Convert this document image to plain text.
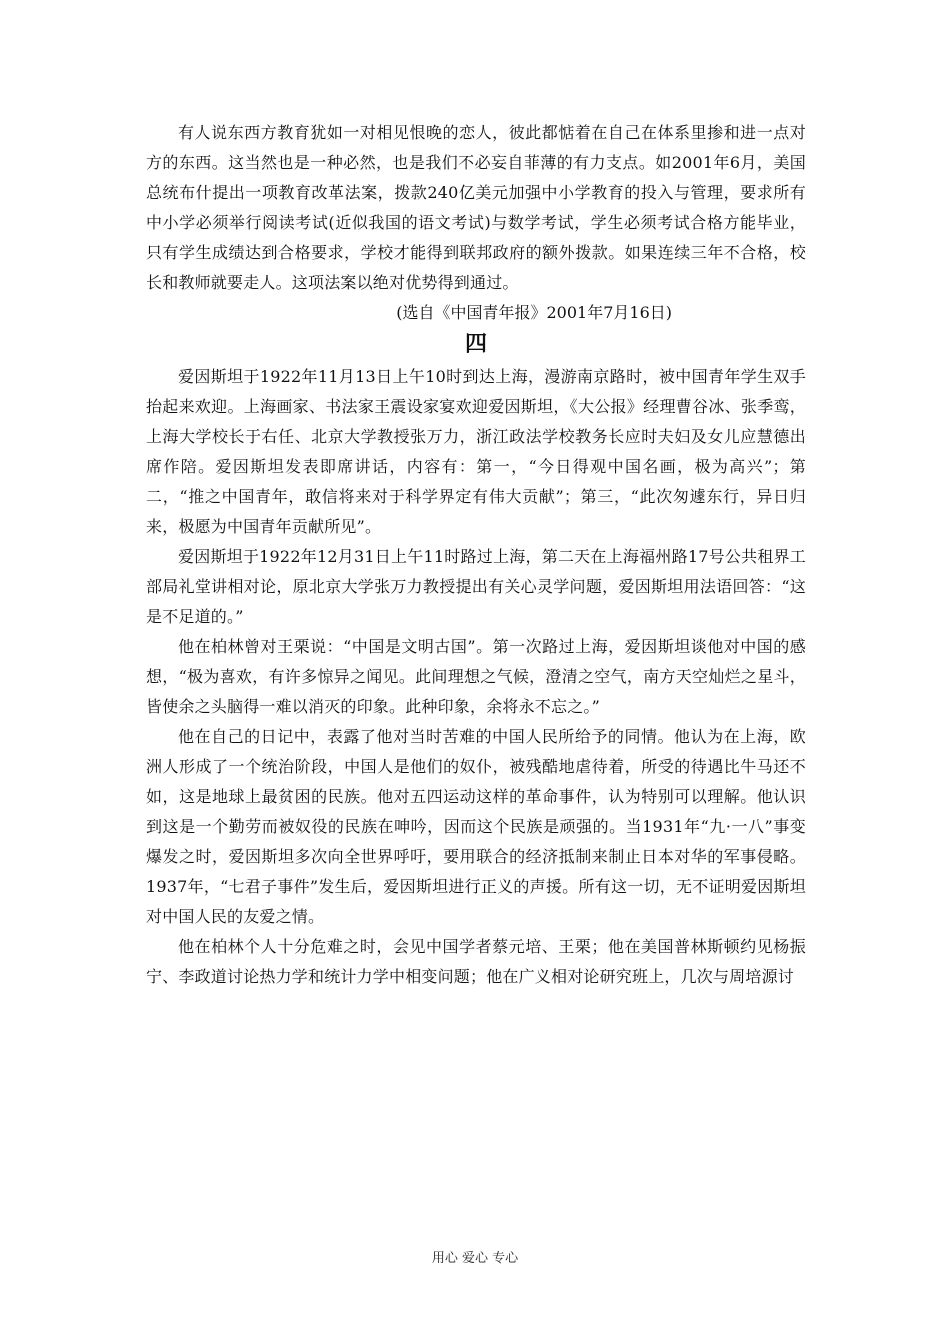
有人说东西方教育犹如一对相见恨晚的恋人，彼此都惦着在自己在体系里掺和进一点对方的东西。这当然也是一种必然，也是我们不必妄自菲薄的有力支点。如2001年6月，美国总统布什提出一项教育改革法案，拨款240亿美元加强中小学教育的投入与管理，要求所有中小学必须举行阅读考试(近似我国的语文考试)与数学考试，学生必须考试合格方能毕业，只有学生成绩达到合格要求，学校才能得到联邦政府的额外拨款。如果连续三年不合格，校长和教师就要走人。这项法案以绝对优势得到通过。

(选自《中国青年报》2001年7月16日)

四

爱因斯坦于1922年11月13日上午10时到达上海，漫游南京路时，被中国青年学生双手抬起来欢迎。上海画家、书法家王震设家宴欢迎爱因斯坦，《大公报》经理曹谷冰、张季鸾，上海大学校长于右任、北京大学教授张万力，浙江政法学校教务长应时夫妇及女儿应慧德出席作陪。爱因斯坦发表即席讲话，内容有：第一，“今日得观中国名画，极为高兴”；第二，“推之中国青年，敢信将来对于科学界定有伟大贡献”；第三，“此次匆遽东行，异日归来，极愿为中国青年贡献所见”。

爱因斯坦于1922年12月31日上午11时路过上海，第二天在上海福州路17号公共租界工部局礼堂讲相对论，原北京大学张万力教授提出有关心灵学问题，爱因斯坦用法语回答：“这是不足道的。”

他在柏林曾对王栗说：“中国是文明古国”。第一次路过上海，爱因斯坦谈他对中国的感想，“极为喜欢，有许多惊异之闻见。此间理想之气候，澄清之空气，南方天空灿烂之星斗，皆使余之头脑得一难以消灭的印象。此种印象，余将永不忘之。”

他在自己的日记中，表露了他对当时苦难的中国人民所给予的同情。他认为在上海，欧洲人形成了一个统治阶段，中国人是他们的奴仆，被残酷地虐待着，所受的待遇比牛马还不如，这是地球上最贫困的民族。他对五四运动这样的革命事件，认为特别可以理解。他认识到这是一个勤劳而被奴役的民族在呻吟，因而这个民族是顽强的。当1931年“九·一八”事变爆发之时，爱因斯坦多次向全世界呼吁，要用联合的经济抵制来制止日本对华的军事侵略。1937年，“七君子事件”发生后，爱因斯坦进行正义的声援。所有这一切，无不证明爱因斯坦对中国人民的友爱之情。

他在柏林个人十分危难之时，会见中国学者蔡元培、王栗；他在美国普林斯顿约见杨振宁、李政道讨论热力学和统计力学中相变问题；他在广义相对论研究班上，几次与周培源讨

用心 爱心 专心
